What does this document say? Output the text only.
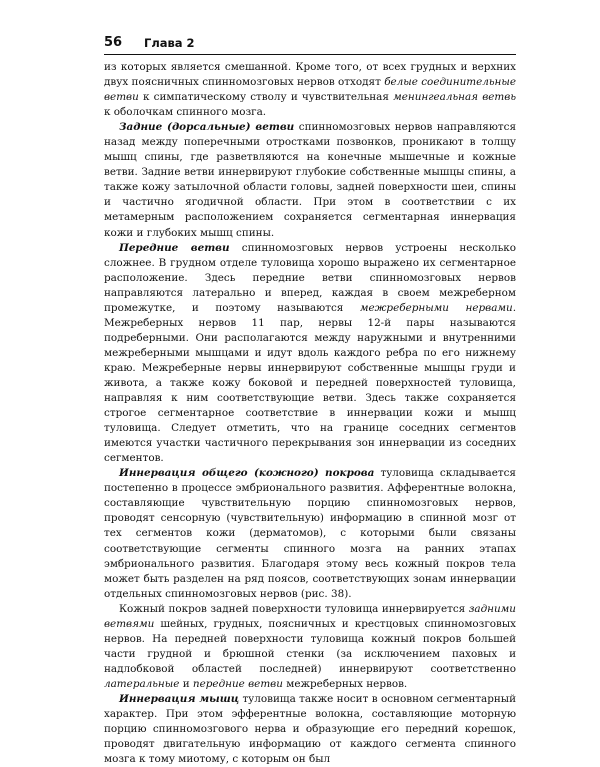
56 Глава 2

из которых является смешанной. Кроме того, от всех грудных и верхних двух поясничных спинномозговых нервов отходят белые соединительные ветви к симпатическому стволу и чувствительная менингеальная ветвь к оболочкам спинного мозга.

Задние (дорсальные) ветви спинномозговых нервов направляются назад между поперечными отростками позвонков, проникают в толщу мышц спины, где разветвляются на конечные мышечные и кожные ветви. Задние ветви иннервируют глубокие собственные мышцы спины, а также кожу затылочной области головы, задней поверхности шеи, спины и частично ягодичной области. При этом в соответствии с их метамерным расположением сохраняется сегментарная иннервация кожи и глубоких мышц спины.

Передние ветви спинномозговых нервов устроены несколько сложнее. В грудном отделе туловища хорошо выражено их сегментарное расположение. Здесь передние ветви спинномозговых нервов направляются латерально и вперед, каждая в своем межреберном промежутке, и поэтому называются межреберными нервами. Межреберных нервов 11 пар, нервы 12-й пары называются подреберными. Они располагаются между наружными и внутренними межреберными мышцами и идут вдоль каждого ребра по его нижнему краю. Межреберные нервы иннервируют собственные мышцы груди и живота, а также кожу боковой и передней поверхностей туловища, направляя к ним соответствующие ветви. Здесь также сохраняется строгое сегментарное соответствие в иннервации кожи и мышц туловища. Следует отметить, что на границе соседних сегментов имеются участки частичного перекрывания зон иннервации из соседних сегментов.

Иннервация общего (кожного) покрова туловища складывается постепенно в процессе эмбрионального развития. Афферентные волокна, составляющие чувствительную порцию спинномозговых нервов, проводят сенсорную (чувствительную) информацию в спинной мозг от тех сегментов кожи (дерматомов), с которыми были связаны соответствующие сегменты спинного мозга на ранних этапах эмбрионального развития. Благодаря этому весь кожный покров тела может быть разделен на ряд поясов, соответствующих зонам иннервации отдельных спинномозговых нервов (рис. 38).

Кожный покров задней поверхности туловища иннервируется задними ветвями шейных, грудных, поясничных и крестцовых спинномозговых нервов. На передней поверхности туловища кожный покров большей части грудной и брюшной стенки (за исключением паховых и надлобковой областей последней) иннервируют соответственно латеральные и передние ветви межреберных нервов.

Иннервация мышц туловища также носит в основном сегментарный характер. При этом эфферентные волокна, составляющие моторную порцию спинномозгового нерва и образующие его передний корешок, проводят двигательную информацию от каждого сегмента спинного мозга к тому миотому, с которым он был
